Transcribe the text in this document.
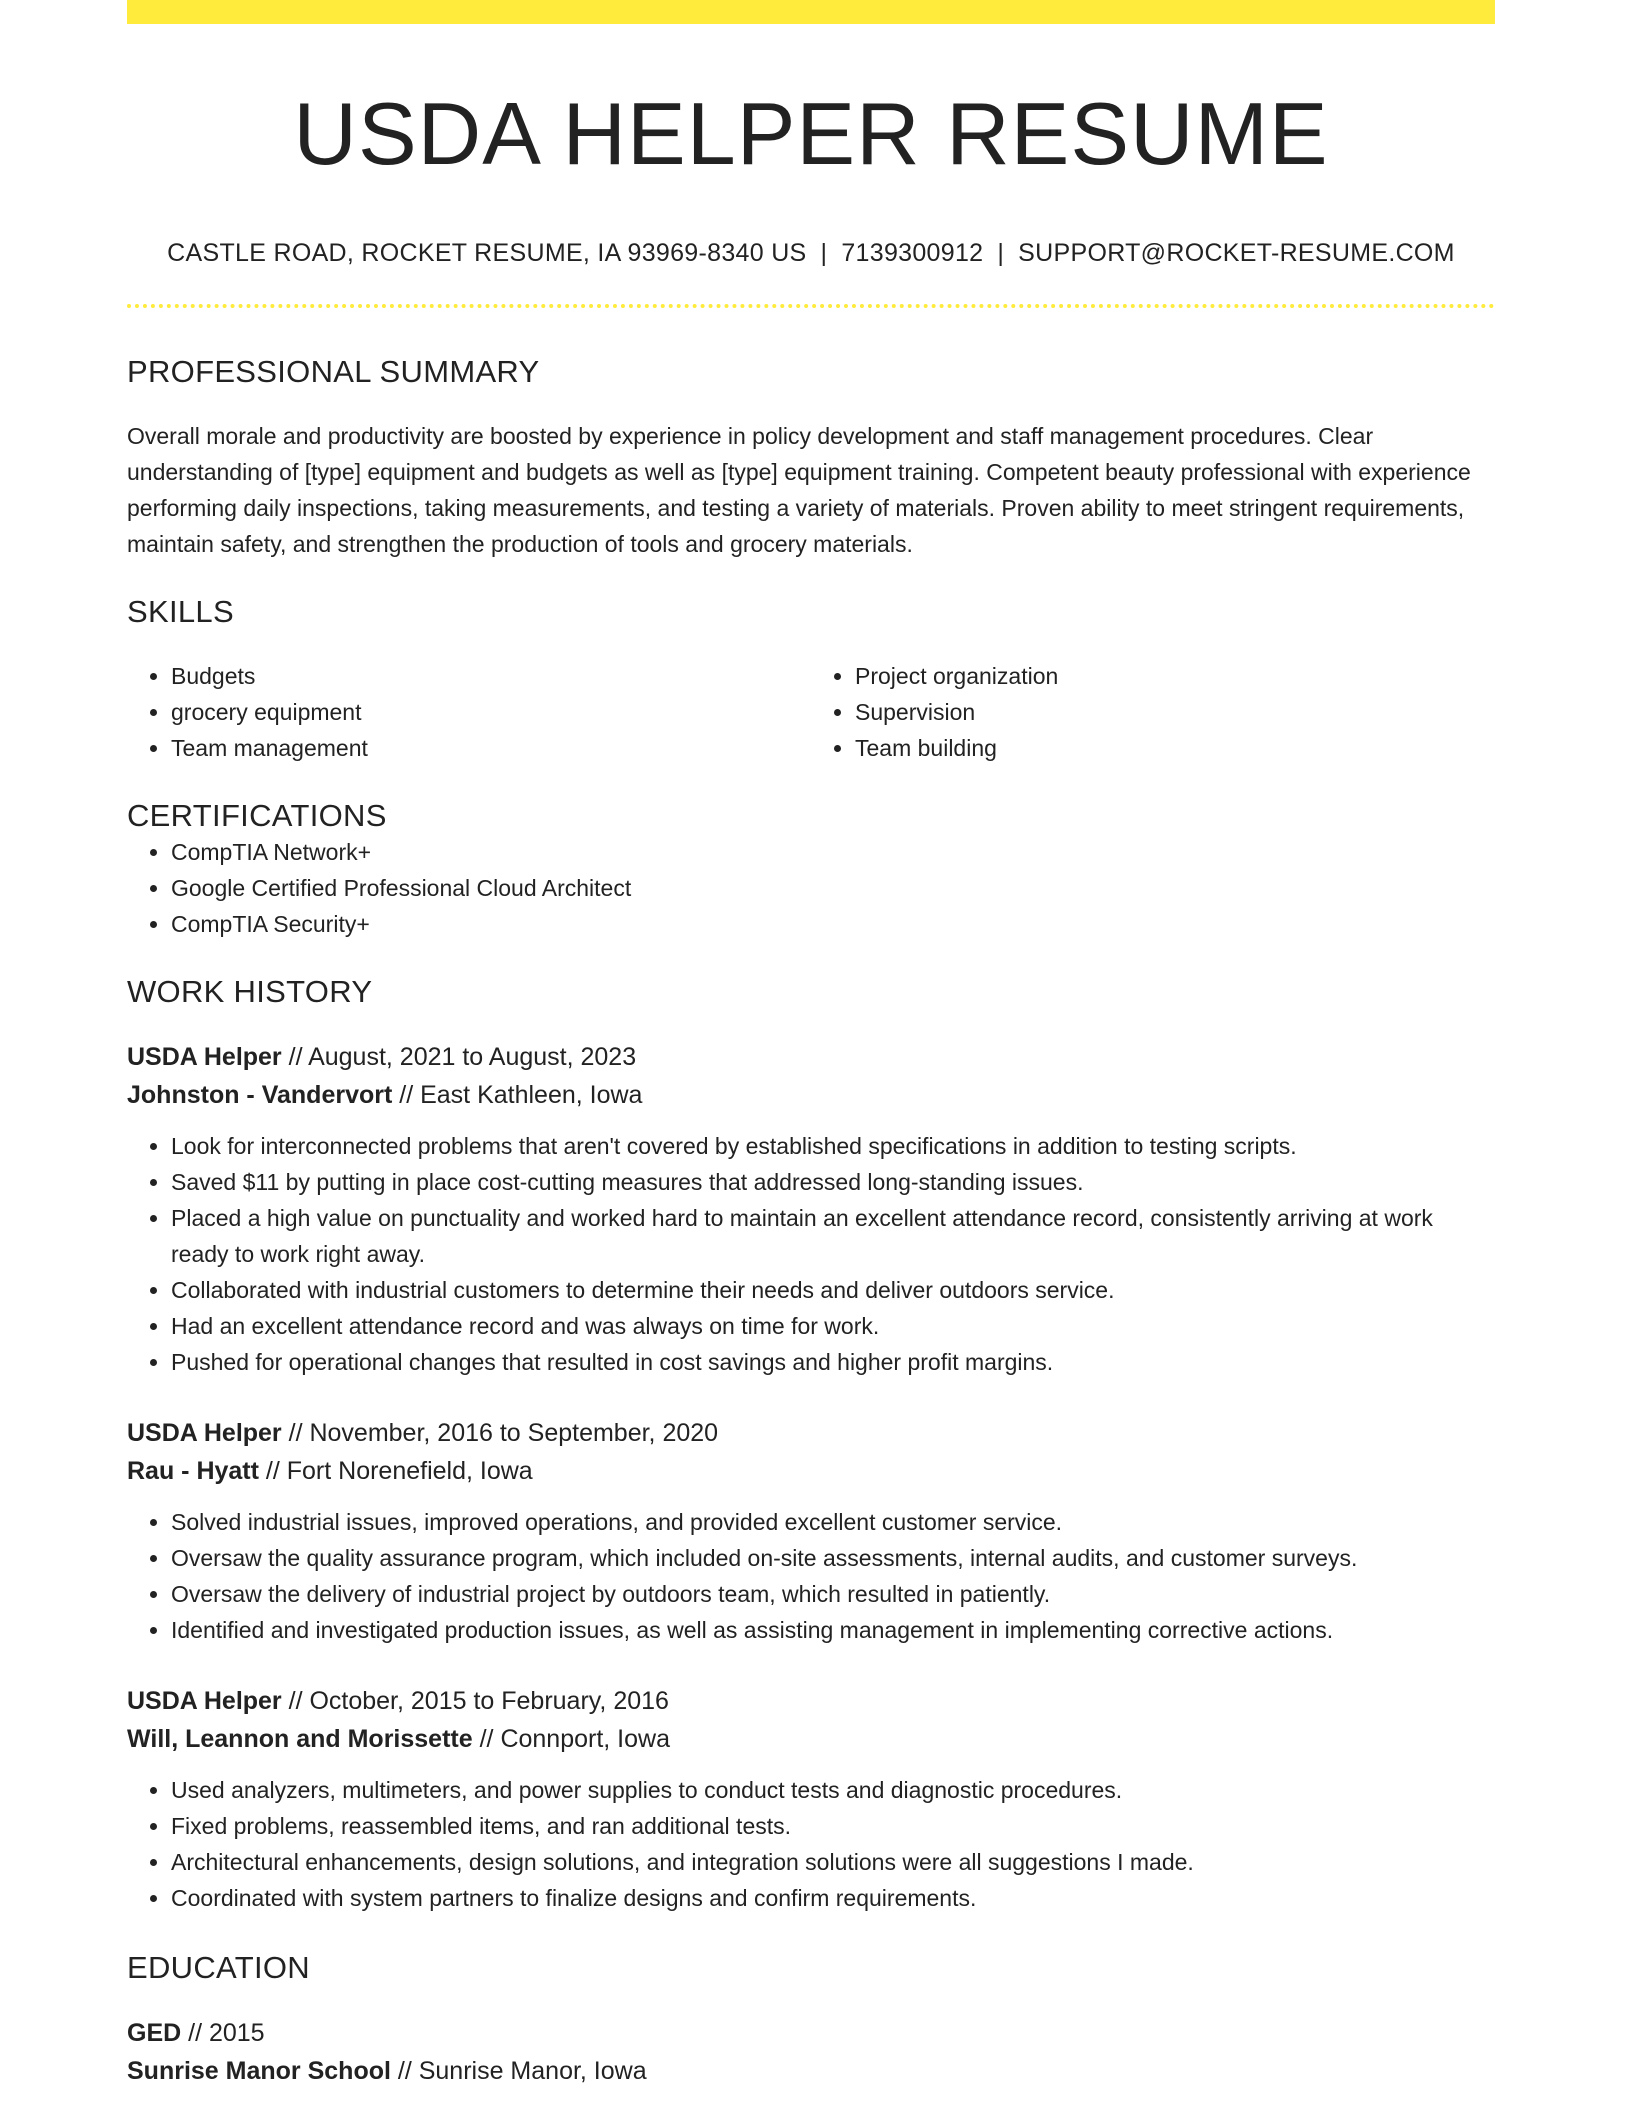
USDA HELPER RESUME
CASTLE ROAD, ROCKET RESUME, IA 93969-8340 US | 7139300912 | SUPPORT@ROCKET-RESUME.COM
PROFESSIONAL SUMMARY

Overall morale and productivity are boosted by experience in policy development and staff management procedures. Clear understanding of [type] equipment and budgets as well as [type] equipment training. Competent beauty professional with experience performing daily inspections, taking measurements, and testing a variety of materials. Proven ability to meet stringent requirements, maintain safety, and strengthen the production of tools and grocery materials.

SKILLS
• Budgets
• grocery equipment
• Team management
• Project organization
• Supervision
• Team building
CERTIFICATIONS
• CompTIA Network+
• Google Certified Professional Cloud Architect
• CompTIA Security+
WORK HISTORY
USDA Helper // August, 2021 to August, 2023
Johnston - Vandervort // East Kathleen, Iowa
• Look for interconnected problems that aren't covered by established specifications in addition to testing scripts.
• Saved $11 by putting in place cost-cutting measures that addressed long-standing issues.
• Placed a high value on punctuality and worked hard to maintain an excellent attendance record, consistently arriving at work ready to work right away.
• Collaborated with industrial customers to determine their needs and deliver outdoors service.
• Had an excellent attendance record and was always on time for work.
• Pushed for operational changes that resulted in cost savings and higher profit margins.
USDA Helper // November, 2016 to September, 2020
Rau - Hyatt // Fort Norenefield, Iowa
• Solved industrial issues, improved operations, and provided excellent customer service.
• Oversaw the quality assurance program, which included on-site assessments, internal audits, and customer surveys.
• Oversaw the delivery of industrial project by outdoors team, which resulted in patiently.
• Identified and investigated production issues, as well as assisting management in implementing corrective actions.
USDA Helper // October, 2015 to February, 2016
Will, Leannon and Morissette // Connport, Iowa
• Used analyzers, multimeters, and power supplies to conduct tests and diagnostic procedures.
• Fixed problems, reassembled items, and ran additional tests.
• Architectural enhancements, design solutions, and integration solutions were all suggestions I made.
• Coordinated with system partners to finalize designs and confirm requirements.
EDUCATION
GED // 2015
Sunrise Manor School // Sunrise Manor, Iowa
